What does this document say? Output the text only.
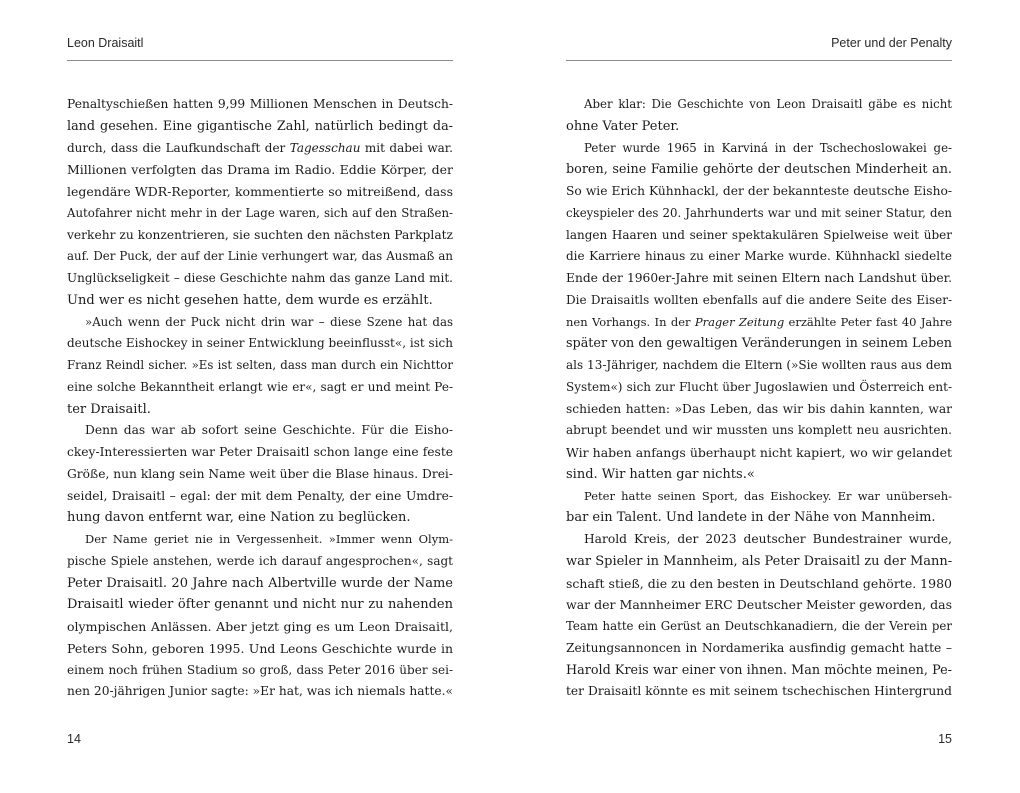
Leon Draisaitl
Penaltyschießen hatten 9,99 Millionen Menschen in Deutsch-
land gesehen. Eine gigantische Zahl, natürlich bedingt da-
durch, dass die Laufkundschaft der Tagesschau mit dabei war.
Millionen verfolgten das Drama im Radio. Eddie Körper, der
legendäre WDR-Reporter, kommentierte so mitreißend, dass
Autofahrer nicht mehr in der Lage waren, sich auf den Straßen-
verkehr zu konzentrieren, sie suchten den nächsten Parkplatz
auf. Der Puck, der auf der Linie verhungert war, das Ausmaß an
Unglückseligkeit – diese Geschichte nahm das ganze Land mit.
Und wer es nicht gesehen hatte, dem wurde es erzählt.
»Auch wenn der Puck nicht drin war – diese Szene hat das
deutsche Eishockey in seiner Entwicklung beeinflusst«, ist sich
Franz Reindl sicher. »Es ist selten, dass man durch ein Nichttor
eine solche Bekanntheit erlangt wie er«, sagt er und meint Pe-
ter Draisaitl.
Denn das war ab sofort seine Geschichte. Für die Eisho-
ckey-Interessierten war Peter Draisaitl schon lange eine feste
Größe, nun klang sein Name weit über die Blase hinaus. Drei-
seidel, Draisaitl – egal: der mit dem Penalty, der eine Umdre-
hung davon entfernt war, eine Nation zu beglücken.
Der Name geriet nie in Vergessenheit. »Immer wenn Olym-
pische Spiele anstehen, werde ich darauf angesprochen«, sagt
Peter Draisaitl. 20 Jahre nach Albertville wurde der Name
Draisaitl wieder öfter genannt und nicht nur zu nahenden
olympischen Anlässen. Aber jetzt ging es um Leon Draisaitl,
Peters Sohn, geboren 1995. Und Leons Geschichte wurde in
einem noch frühen Stadium so groß, dass Peter 2016 über sei-
nen 20-jährigen Junior sagte: »Er hat, was ich niemals hatte.«
14
Peter und der Penalty
Aber klar: Die Geschichte von Leon Draisaitl gäbe es nicht
ohne Vater Peter.
Peter wurde 1965 in Karviná in der Tschechoslowakei ge-
boren, seine Familie gehörte der deutschen Minderheit an.
So wie Erich Kühnhackl, der der bekannteste deutsche Eisho-
ckeyspieler des 20. Jahrhunderts war und mit seiner Statur, den
langen Haaren und seiner spektakulären Spielweise weit über
die Karriere hinaus zu einer Marke wurde. Kühnhackl siedelte
Ende der 1960er-Jahre mit seinen Eltern nach Landshut über.
Die Draisaitls wollten ebenfalls auf die andere Seite des Eiser-
nen Vorhangs. In der Prager Zeitung erzählte Peter fast 40 Jahre
später von den gewaltigen Veränderungen in seinem Leben
als 13-Jähriger, nachdem die Eltern (»Sie wollten raus aus dem
System«) sich zur Flucht über Jugoslawien und Österreich ent-
schieden hatten: »Das Leben, das wir bis dahin kannten, war
abrupt beendet und wir mussten uns komplett neu ausrichten.
Wir haben anfangs überhaupt nicht kapiert, wo wir gelandet
sind. Wir hatten gar nichts.«
Peter hatte seinen Sport, das Eishockey. Er war unüberseh-
bar ein Talent. Und landete in der Nähe von Mannheim.
Harold Kreis, der 2023 deutscher Bundestrainer wurde,
war Spieler in Mannheim, als Peter Draisaitl zu der Mann-
schaft stieß, die zu den besten in Deutschland gehörte. 1980
war der Mannheimer ERC Deutscher Meister geworden, das
Team hatte ein Gerüst an Deutschkanadiern, die der Verein per
Zeitungsannoncen in Nordamerika ausfindig gemacht hatte –
Harold Kreis war einer von ihnen. Man möchte meinen, Pe-
ter Draisaitl könnte es mit seinem tschechischen Hintergrund
15
